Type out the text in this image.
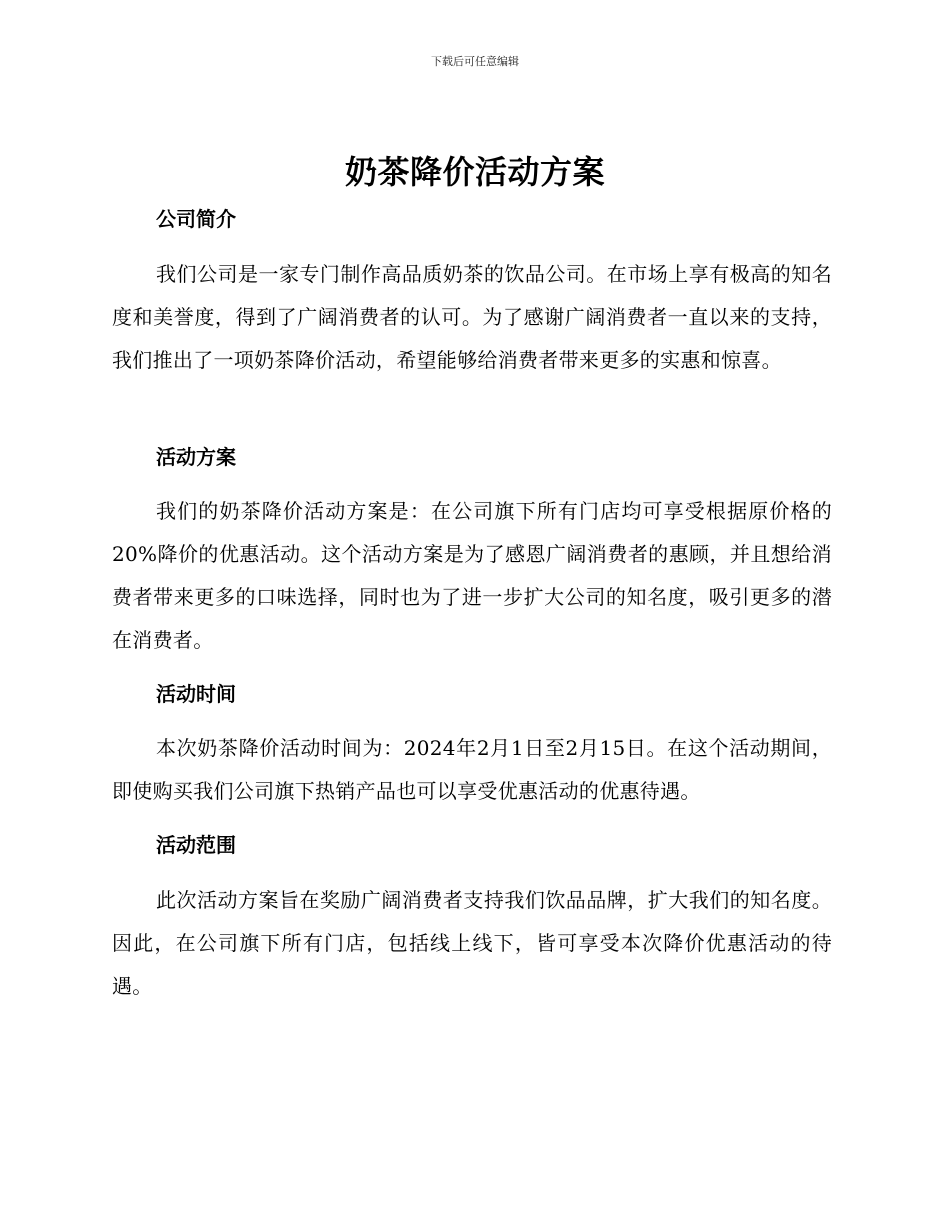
下载后可任意编辑
奶茶降价活动方案
公司简介

我们公司是一家专门制作高品质奶茶的饮品公司。在市场上享有极高的知名度和美誉度，得到了广阔消费者的认可。为了感谢广阔消费者一直以来的支持，我们推出了一项奶茶降价活动，希望能够给消费者带来更多的实惠和惊喜。

活动方案

我们的奶茶降价活动方案是：在公司旗下所有门店均可享受根据原价格的20%降价的优惠活动。这个活动方案是为了感恩广阔消费者的惠顾，并且想给消费者带来更多的口味选择，同时也为了进一步扩大公司的知名度，吸引更多的潜在消费者。

活动时间

本次奶茶降价活动时间为：2024年2月1日至2月15日。在这个活动期间，即使购买我们公司旗下热销产品也可以享受优惠活动的优惠待遇。

活动范围

此次活动方案旨在奖励广阔消费者支持我们饮品品牌，扩大我们的知名度。因此，在公司旗下所有门店，包括线上线下，皆可享受本次降价优惠活动的待遇。
